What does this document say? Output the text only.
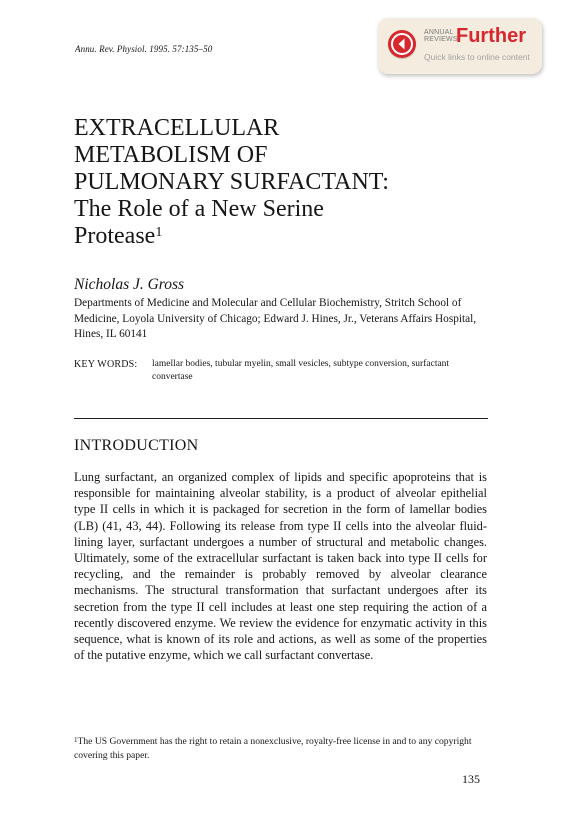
Annu. Rev. Physiol. 1995. 57:135–50
ANNUAL
REVIEWS
Further
Quick links to online content
EXTRACELLULAR
METABOLISM OF
PULMONARY SURFACTANT:
The Role of a New Serine
Protease$^1$
Nicholas J. Gross
Departments of Medicine and Molecular and Cellular Biochemistry, Stritch School of Medicine, Loyola University of Chicago; Edward J. Hines, Jr., Veterans Affairs Hospital, Hines, IL 60141
KEY WORDS: lamellar bodies, tubular myelin, small vesicles, subtype conversion, surfactant convertase
INTRODUCTION
Lung surfactant, an organized complex of lipids and specific apoproteins that is responsible for maintaining alveolar stability, is a product of alveolar epithelial type II cells in which it is packaged for secretion in the form of lamellar bodies (LB) (41, 43, 44). Following its release from type II cells into the alveolar fluid-lining layer, surfactant undergoes a number of structural and metabolic changes. Ultimately, some of the extracellular surfactant is taken back into type II cells for recycling, and the remainder is probably removed by alveolar clearance mechanisms. The structural transformation that surfactant undergoes after its secretion from the type II cell includes at least one step requiring the action of a recently discovered enzyme. We review the evidence for enzymatic activity in this sequence, what is known of its role and actions, as well as some of the properties of the putative enzyme, which we call surfactant convertase.
$^1$The US Government has the right to retain a nonexclusive, royalty-free license in and to any copyright covering this paper.
135
